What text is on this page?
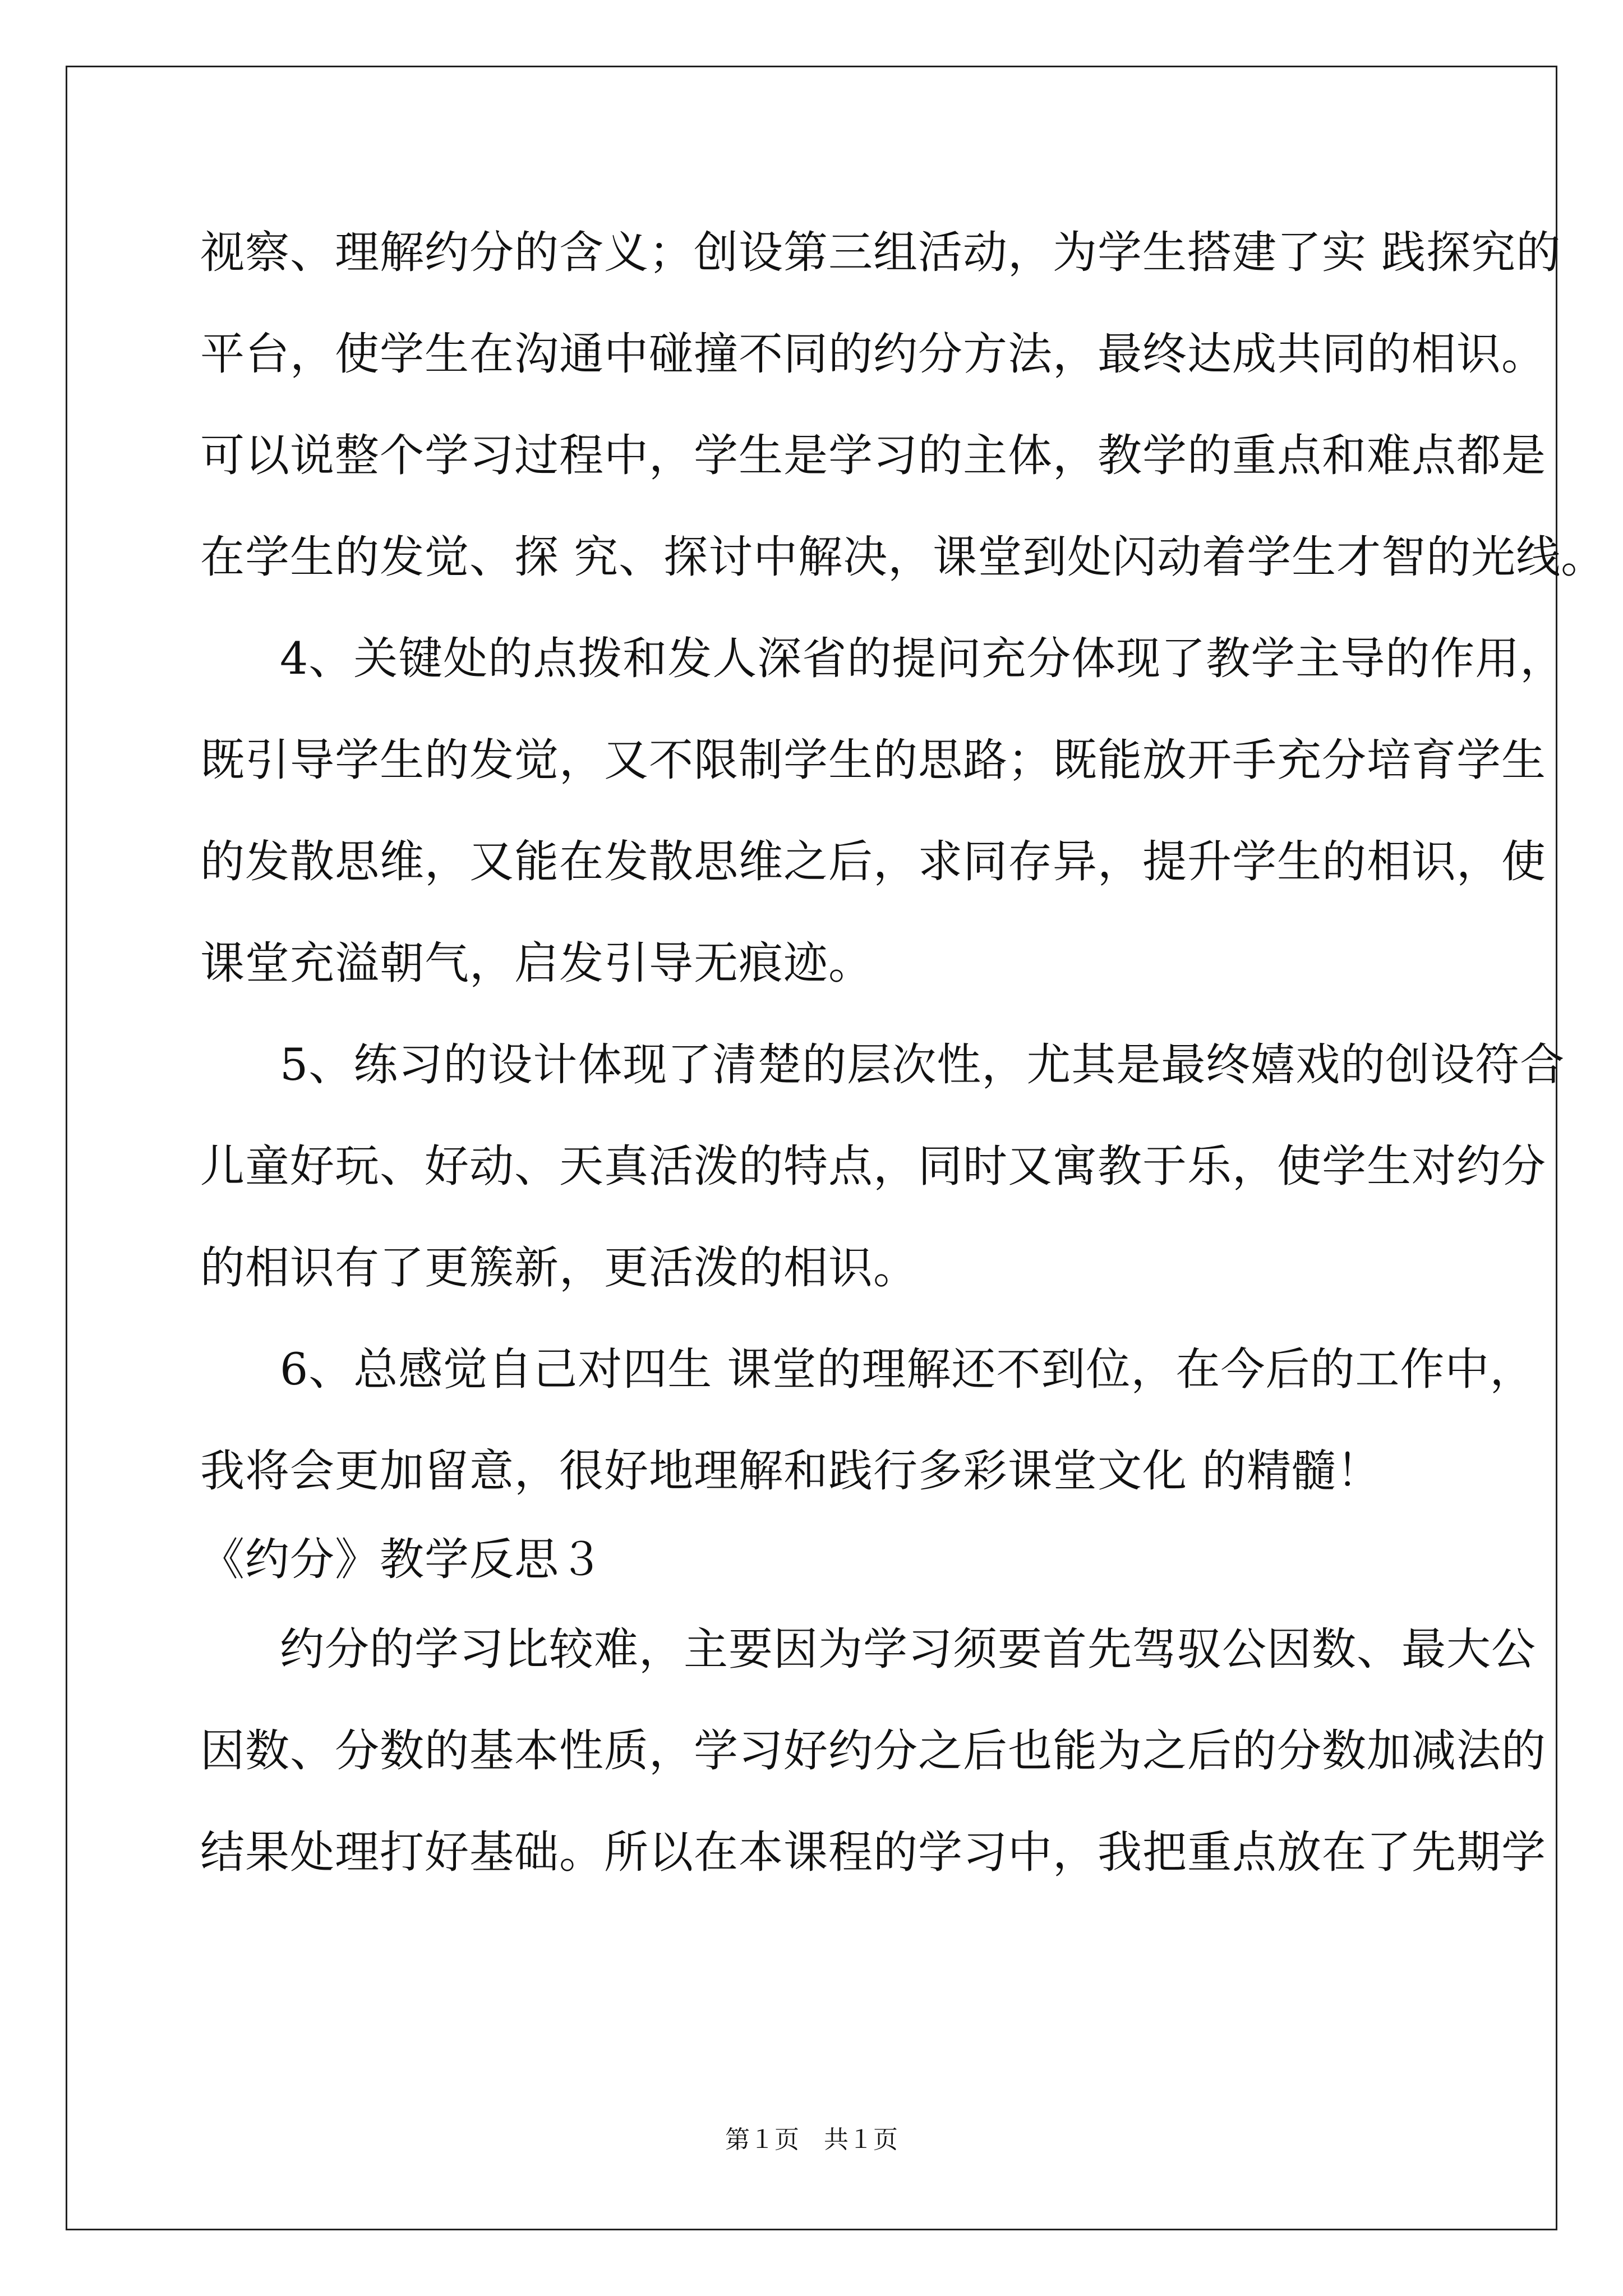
视察、理解约分的含义；创设第三组活动，为学生搭建了实 践探究的
平台，使学生在沟通中碰撞不同的约分方法，最终达成共同的相识。
可以说整个学习过程中，学生是学习的主体，教学的重点和难点都是
在学生的发觉、探 究、探讨中解决，课堂到处闪动着学生才智的光线。
4、关键处的点拨和发人深省的提问充分体现了教学主导的作用，
既引导学生的发觉，又不限制学生的思路；既能放开手充分培育学生
的发散思维，又能在发散思维之后，求同存异，提升学生的相识，使
课堂充溢朝气，启发引导无痕迹。
5、练习的设计体现了清楚的层次性，尤其是最终嬉戏的创设符合
儿童好玩、好动、天真活泼的特点，同时又寓教于乐，使学生对约分
的相识有了更簇新，更活泼的相识。
6、总感觉自己对四生 课堂的理解还不到位，在今后的工作中，
我将会更加留意，很好地理解和践行多彩课堂文化 的精髓！
《约分》教学反思３
约分的学习比较难，主要因为学习须要首先驾驭公因数、最大公
因数、分数的基本性质，学习好约分之后也能为之后的分数加减法的
结果处理打好基础。所以在本课程的学习中，我把重点放在了先期学
第１页　共１页
